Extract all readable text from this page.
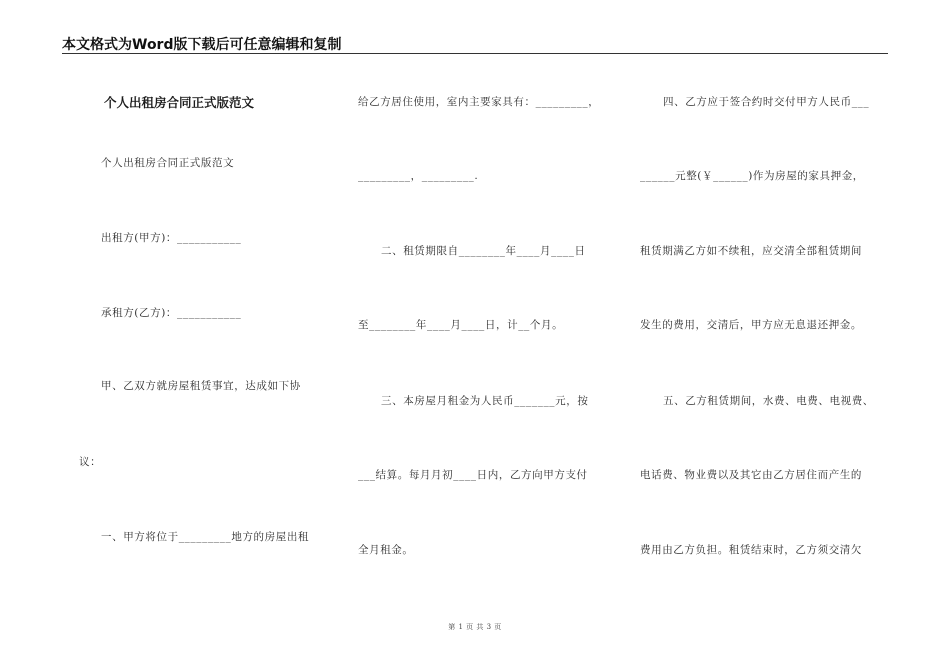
本文格式为Word版下载后可任意编辑和复制
个人出租房合同正式版范文
个人出租房合同正式版范文
出租方(甲方)：___________
承租方(乙方)：___________
甲、乙双方就房屋租赁事宜，达成如下协
议：
一、甲方将位于_________地方的房屋出租
给乙方居住使用，室内主要家具有：_________，
_________，_________.
二、租赁期限自________年____月____日
至________年____月____日，计__个月。
三、本房屋月租金为人民币_______元，按
___结算。每月月初____日内，乙方向甲方支付
全月租金。
四、乙方应于签合约时交付甲方人民币___
______元整(￥______)作为房屋的家具押金，
租赁期满乙方如不续租，应交清全部租赁期间
发生的费用，交清后，甲方应无息退还押金。
五、乙方租赁期间，水费、电费、电视费、
电话费、物业费以及其它由乙方居住而产生的
费用由乙方负担。租赁结束时，乙方须交清欠
第 1 页 共 3 页
